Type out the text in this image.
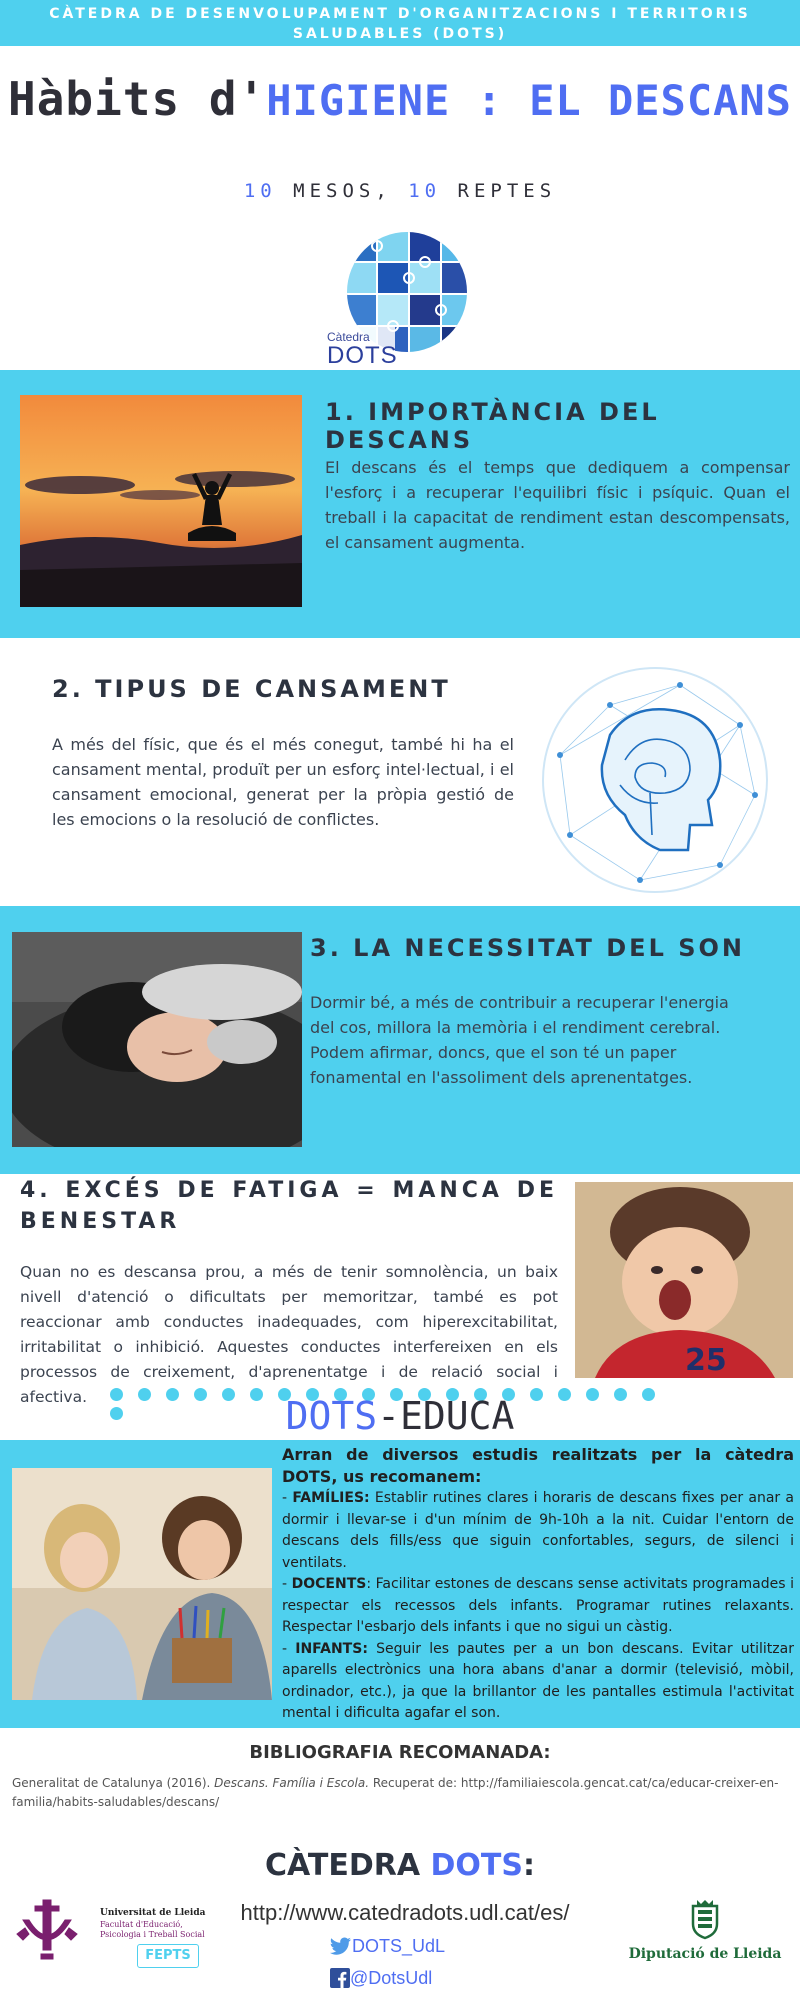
CÀTEDRA DE DESENVOLUPAMENT D'ORGANITZACIONS I TERRITORIS SALUDABLES (DOTS)
Hàbits d'HIGIENE : EL DESCANS
10 MESOS, 10 REPTES
Càtedra
DOTS
1. IMPORTÀNCIA DEL DESCANS
El descans és el temps que dediquem a compensar l'esforç i a recuperar l'equilibri físic i psíquic. Quan el treball i la capacitat de rendiment estan descompensats, el cansament augmenta.
2. TIPUS DE CANSAMENT
A més del físic, que és el més conegut, també hi ha el cansament mental, produït per un esforç intel·lectual, i el cansament emocional, generat per la pròpia gestió de les emocions o la resolució de conflictes.
3. LA NECESSITAT DEL SON
Dormir bé, a més de contribuir a recuperar l'energia del cos, millora la memòria i el rendiment cerebral. Podem afirmar, doncs, que el son té un paper fonamental en l'assoliment dels aprenentatges.
4. EXCÉS DE FATIGA = MANCA DE BENESTAR
Quan no es descansa prou, a més de tenir somnolència, un baix nivell d'atenció o dificultats per memoritzar, també es pot reaccionar amb conductes inadequades, com hiperexcitabilitat, irritabilitat o inhibició. Aquestes conductes interfereixen en els processos de creixement, d'aprenentatge i de relació social i afectiva.
25
DOTS-EDUCA
Arran de diversos estudis realitzats per la càtedra DOTS, us recomanem:
- FAMÍLIES: Establir rutines clares i horaris de descans fixes per anar a dormir i llevar-se i d'un mínim de 9h-10h a la nit. Cuidar l'entorn de descans dels fills/ess que siguin confortables, segurs, de silenci i ventilats.
- DOCENTS: Facilitar estones de descans sense activitats programades i respectar els recessos dels infants. Programar rutines relaxants. Respectar l'esbarjo dels infants i que no sigui un càstig.
- INFANTS: Seguir les pautes per a un bon descans. Evitar utilitzar aparells electrònics una hora abans d'anar a dormir (televisió, mòbil, ordinador, etc.), ja que la brillantor de les pantalles estimula l'activitat mental i dificulta agafar el son.
BIBLIOGRAFIA RECOMANADA:
Generalitat de Catalunya (2016). Descans. Família i Escola. Recuperat de: http://familiaiescola.gencat.cat/ca/educar-creixer-en-familia/habits-saludables/descans/
CÀTEDRA DOTS:
Universitat de Lleida
Facultat d'Educació,
Psicologia i Treball Social
FEPTS
http://www.catedradots.udl.cat/es/
DOTS_UdL
@DotsUdl
Diputació de Lleida
